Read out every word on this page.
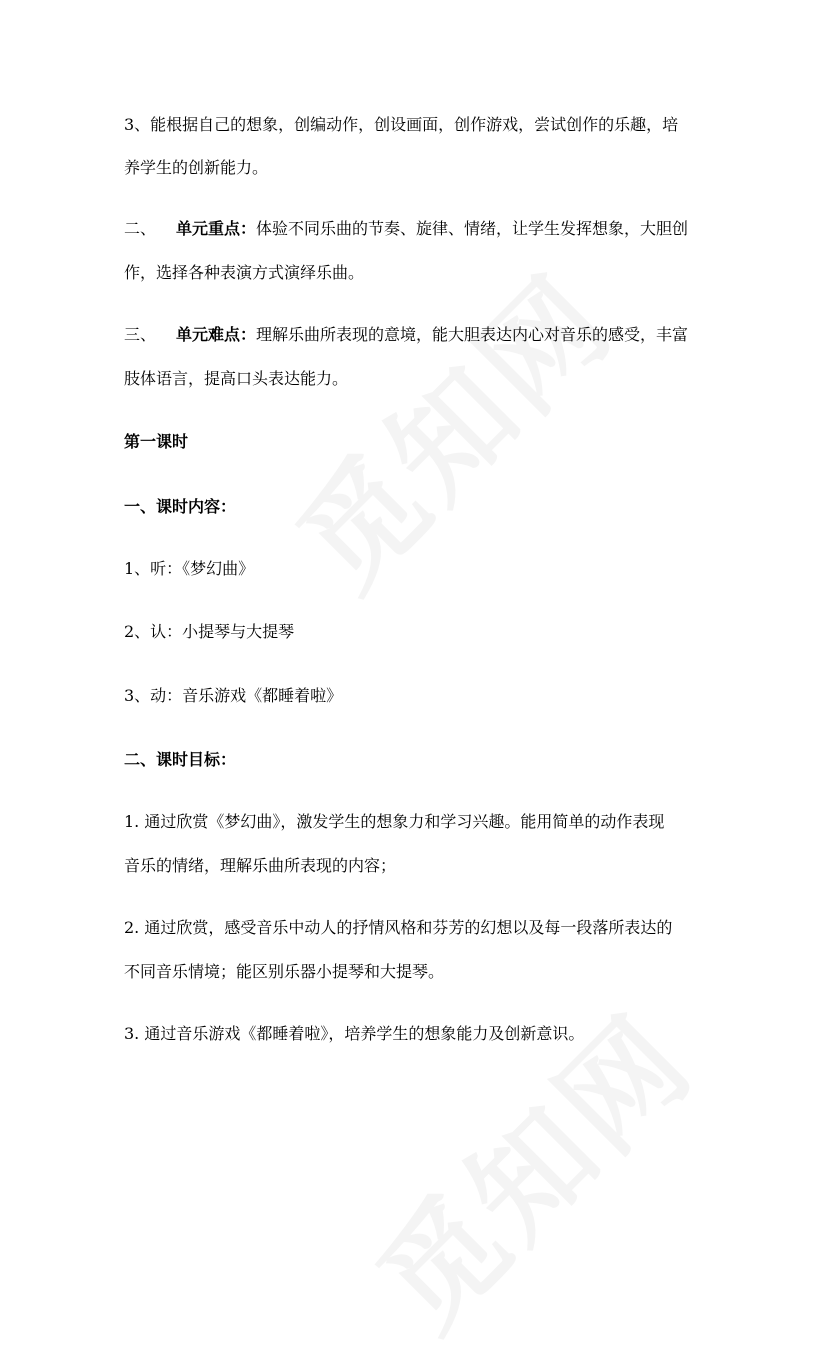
3、能根据自己的想象，创编动作，创设画面，创作游戏，尝试创作的乐趣，培
养学生的创新能力。
二、 单元重点：体验不同乐曲的节奏、旋律、情绪，让学生发挥想象，大胆创
作，选择各种表演方式演绎乐曲。
三、 单元难点：理解乐曲所表现的意境，能大胆表达内心对音乐的感受，丰富
肢体语言，提高口头表达能力。
第一课时
一、课时内容：
1、听：《梦幻曲》
2、认：小提琴与大提琴
3、动：音乐游戏《都睡着啦》
二、课时目标：
1. 通过欣赏《梦幻曲》，激发学生的想象力和学习兴趣。能用简单的动作表现
音乐的情绪，理解乐曲所表现的内容；
2. 通过欣赏，感受音乐中动人的抒情风格和芬芳的幻想以及每一段落所表达的
不同音乐情境；能区别乐器小提琴和大提琴。
3. 通过音乐游戏《都睡着啦》，培养学生的想象能力及创新意识。
